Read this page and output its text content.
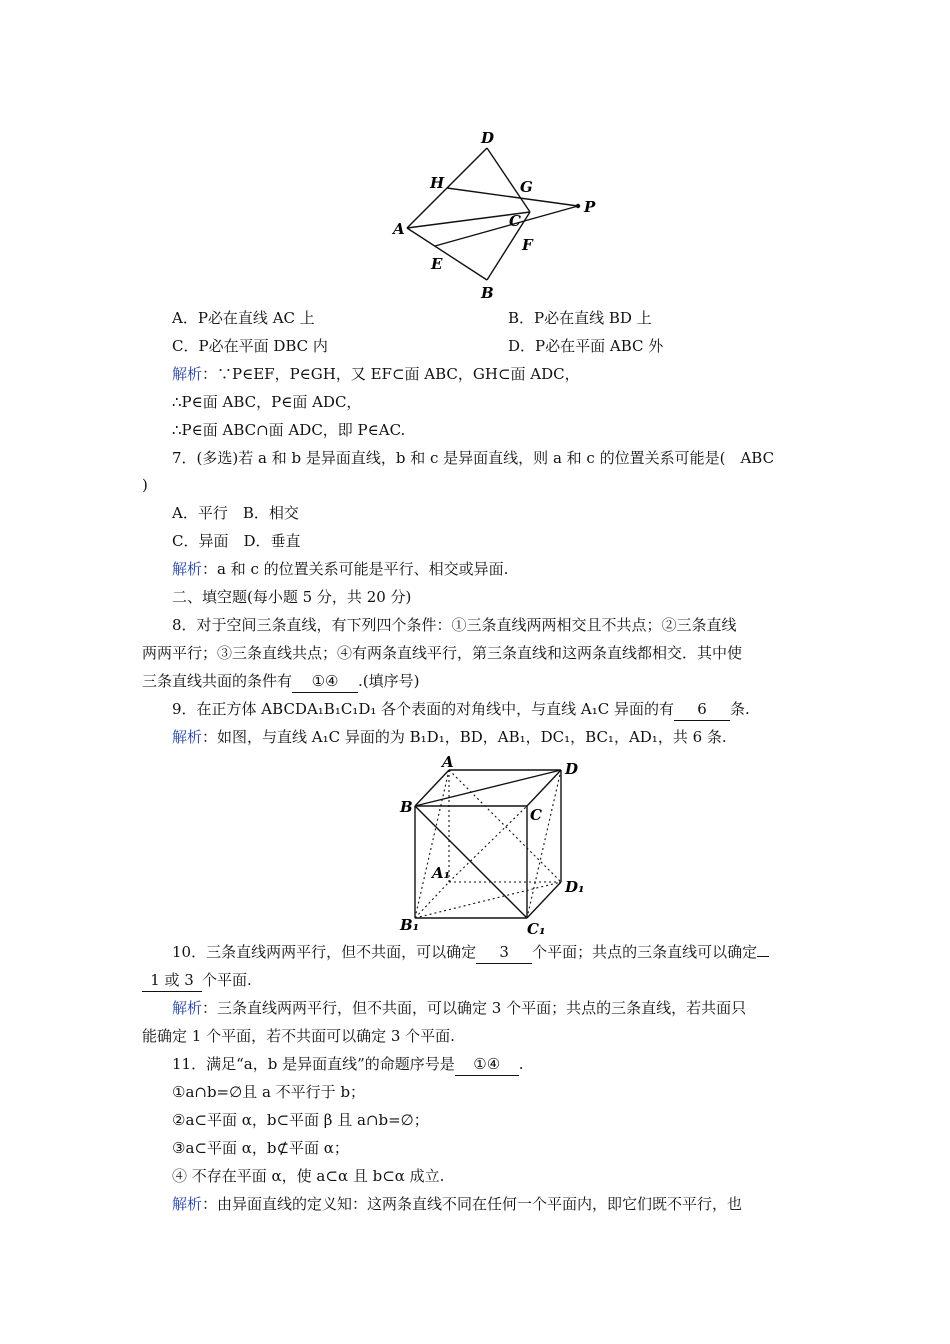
D
H	G
P
C
A
F
E
B
A．P必在直线 AC 上	B．P必在直线 BD 上
C．P必在平面 DBC 内	D．P必在平面 ABC 外
解析：∵P∈EF，P∈GH，又 EF⊂面 ABC，GH⊂面 ADC，
∴P∈面 ABC，P∈面 ADC，
∴P∈面 ABC∩面 ADC，即 P∈AC.
7．(多选)若 a 和 b 是异面直线，b 和 c 是异面直线，则 a 和 c 的位置关系可能是(　ABC
)
A．平行　B．相交
C．异面　D．垂直
解析：a 和 c 的位置关系可能是平行、相交或异面.
二、填空题(每小题 5 分，共 20 分)
8．对于空间三条直线，有下列四个条件：①三条直线两两相交且不共点；②三条直线
两两平行；③三条直线共点；④有两条直线平行，第三条直线和这两条直线都相交．其中使
三条直线共面的条件有 ①④ .(填序号)
9．在正方体 ABCDA₁B₁C₁D₁ 各个表面的对角线中，与直线 A₁C 异面的有 6 条.
解析：如图，与直线 A₁C 异面的为 B₁D₁，BD，AB₁，DC₁，BC₁，AD₁，共 6 条.
A	D
B	C
A₁
D₁
B₁	C₁
10．三条直线两两平行，但不共面，可以确定 3 个平面；共点的三条直线可以确定
1 或 3 个平面.
解析：三条直线两两平行，但不共面，可以确定 3 个平面；共点的三条直线，若共面只
能确定 1 个平面，若不共面可以确定 3 个平面.
11．满足“a，b 是异面直线”的命题序号是 ①④ .
①a∩b=∅且 a 不平行于 b；
②a⊂平面 α，b⊂平面 β 且 a∩b=∅；
③a⊂平面 α，b⊄平面 α；
④ 不存在平面 α，使 a⊂α 且 b⊂α 成立.
解析：由异面直线的定义知：这两条直线不同在任何一个平面内，即它们既不平行，也
